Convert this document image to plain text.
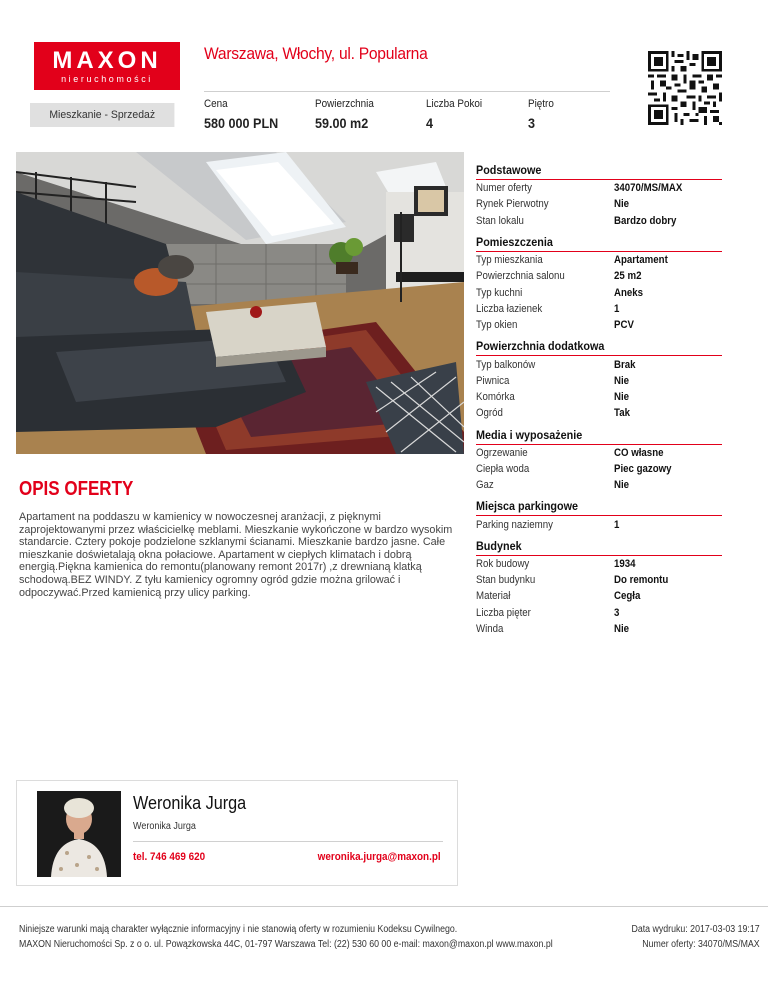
MAXON
nieruchomości
Warszawa, Włochy, ul. Popularna
Mieszkanie - Sprzedaż
Cena
580 000 PLN
Powierzchnia
59.00 m2
Liczba Pokoi
4
Piętro
3
Podstawowe
Numer oferty	34070/MS/MAX
Rynek Pierwotny	Nie
Stan lokalu	Bardzo dobry
Pomieszczenia
Typ mieszkania	Apartament
Powierzchnia salonu	25 m2
Typ kuchni	Aneks
Liczba łazienek	1
Typ okien	PCV
Powierzchnia dodatkowa
Typ balkonów	Brak
Piwnica	Nie
Komórka	Nie
Ogród	Tak
Media i wyposażenie
Ogrzewanie	CO własne
Ciepła woda	Piec gazowy
Gaz	Nie
Miejsca parkingowe
Parking naziemny	1
Budynek
Rok budowy	1934
Stan budynku	Do remontu
Materiał	Cegła
Liczba pięter	3
Winda	Nie
OPIS OFERTY
Apartament na poddaszu w kamienicy w nowoczesnej aranżacji, z pięknymi zaprojektowanymi przez właścicielkę meblami. Mieszkanie wykończone w bardzo wysokim standarcie. Cztery pokoje podzielone szklanymi ścianami. Mieszkanie bardzo jasne. Całe mieszkanie doświetalają okna połaciowe. Apartament w ciepłych klimatach i dobrą energią.Piękna kamienica do remontu(planowany remont 2017r) ,z drewnianą klatką schodową.BEZ WINDY. Z tyłu kamienicy ogromny ogród gdzie można grilować i odpoczywać.Przed kamienicą przy ulicy parking.
Weronika Jurga
Weronika Jurga
tel. 746 469 620	weronika.jurga@maxon.pl
Niniejsze warunki mają charakter wyłącznie informacyjny i nie stanowią oferty w rozumieniu Kodeksu Cywilnego.
MAXON Nieruchomości Sp. z o o. ul. Powązkowska 44C, 01-797 Warszawa Tel: (22) 530 60 00 e-mail: maxon@maxon.pl www.maxon.pl
Data wydruku: 2017-03-03 19:17
Numer oferty: 34070/MS/MAX
